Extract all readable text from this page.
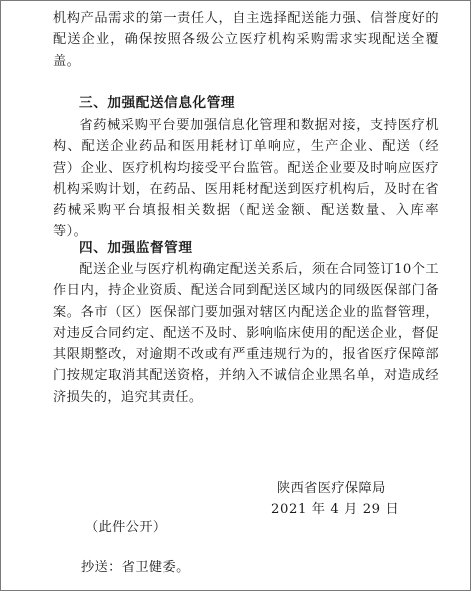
机构产品需求的第一责任人，自主选择配送能力强、信誉度好的配送企业，确保按照各级公立医疗机构采购需求实现配送全覆盖。

三、加强配送信息化管理

省药械采购平台要加强信息化管理和数据对接，支持医疗机构、配送企业药品和医用耗材订单响应，生产企业、配送（经营）企业、医疗机构均接受平台监管。配送企业要及时响应医疗机构采购计划，在药品、医用耗材配送到医疗机构后，及时在省药械采购平台填报相关数据（配送金额、配送数量、入库率等）。

四、加强监督管理

配送企业与医疗机构确定配送关系后，须在合同签订10个工作日内，持企业资质、配送合同到配送区域内的同级医保部门备案。各市（区）医保部门要加强对辖区内配送企业的监督管理，对违反合同约定、配送不及时、影响临床使用的配送企业，督促其限期整改，对逾期不改或有严重违规行为的，报省医疗保障部门按规定取消其配送资格，并纳入不诚信企业黑名单，对造成经济损失的，追究其责任。

陕西省医疗保障局

2021 年 4 月 29 日

（此件公开）

抄送：省卫健委。
